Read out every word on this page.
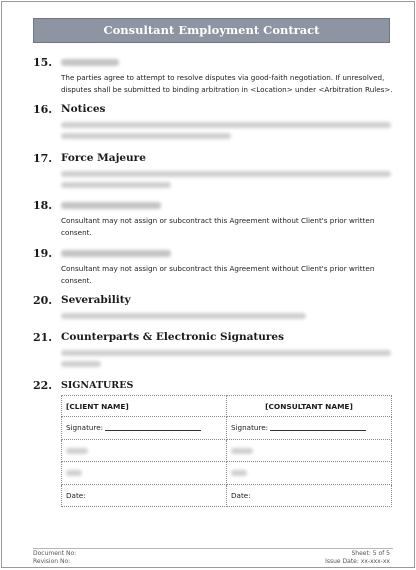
Consultant Employment Contract
15.
The parties agree to attempt to resolve disputes via good-faith negotiation. If unresolved, disputes shall be submitted to binding arbitration in <Location> under <Arbitration Rules>.
16. Notices
17. Force Majeure
18.
Consultant may not assign or subcontract this Agreement without Client's prior written consent.
19.
Consultant may not assign or subcontract this Agreement without Client's prior written consent.
20. Severability
21. Counterparts & Electronic Signatures
22. SIGNATURES
[CLIENT NAME]	[CONSULTANT NAME]
Signature:	Signature:

Date:	Date:
Document No:
Revision No:
Sheet: 5 of 5
Issue Date: xx-xxx-xx
